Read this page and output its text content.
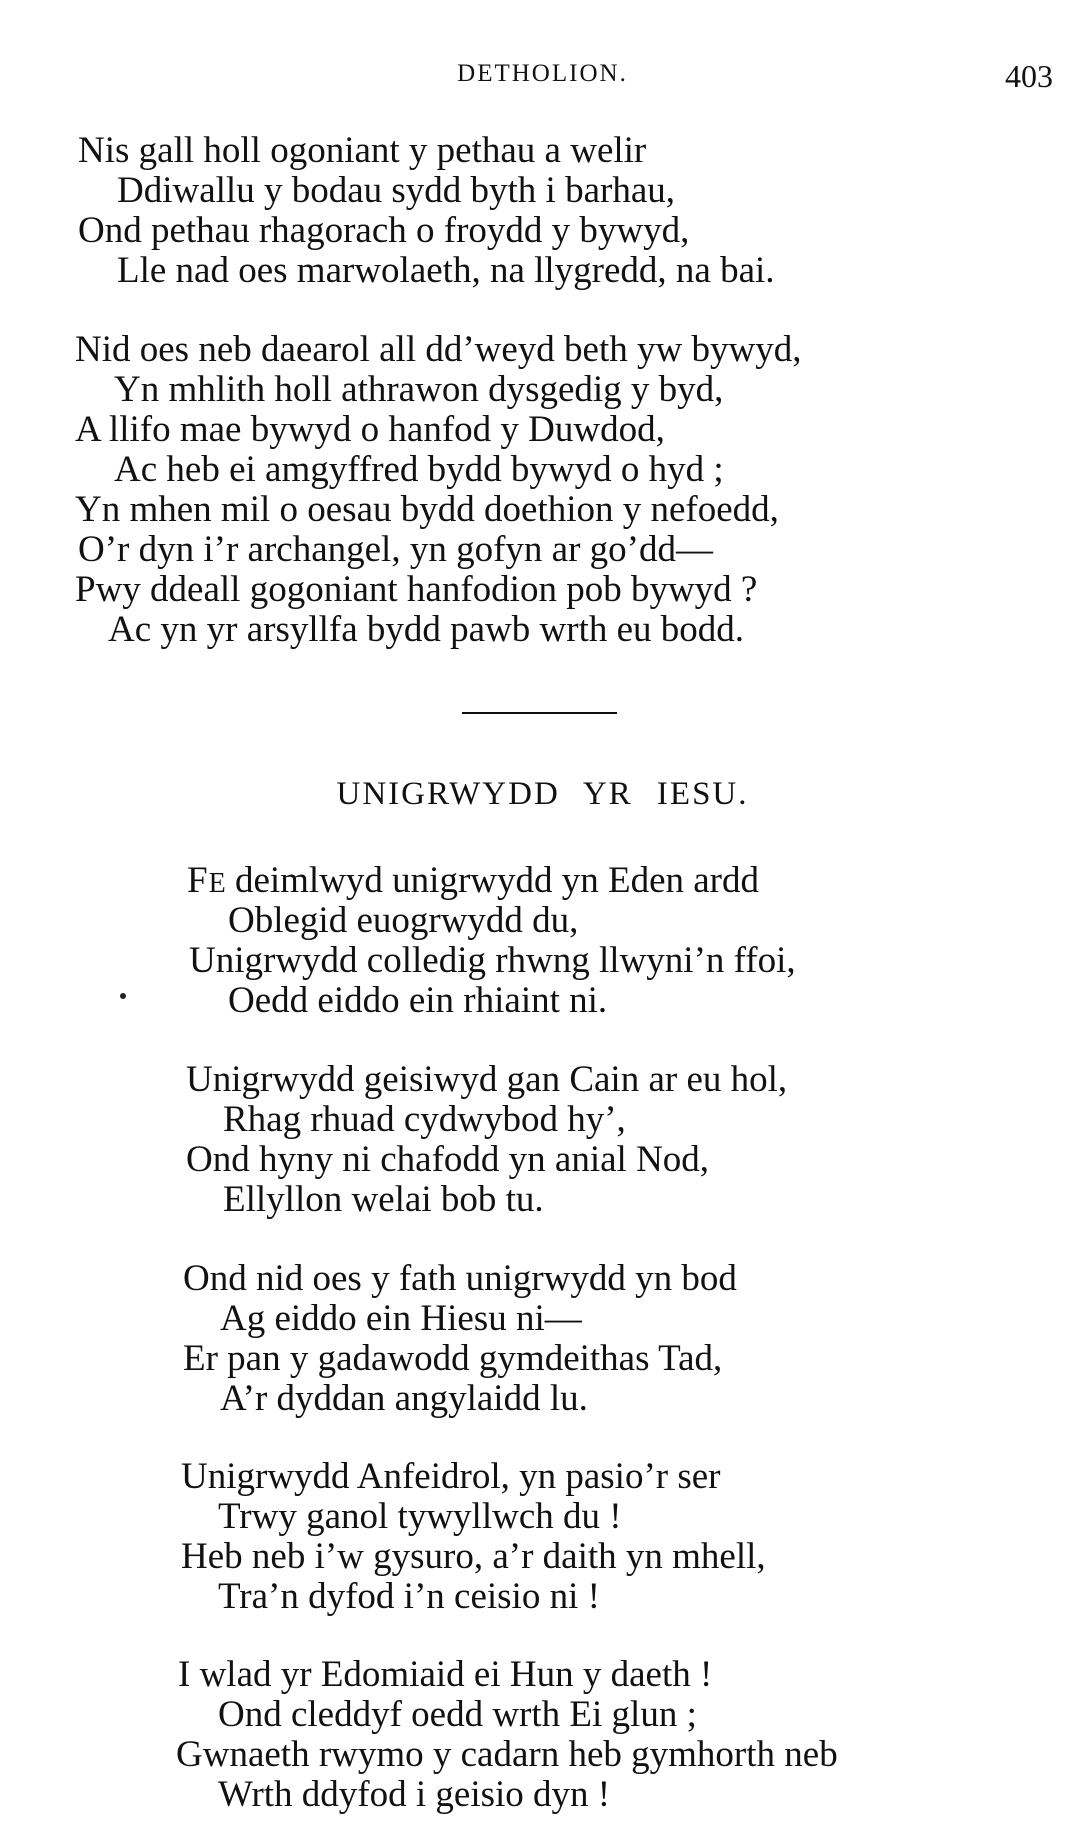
DETHOLION.	403
Nis gall holl ogoniant y pethau a welir
Ddiwallu y bodau sydd byth i barhau,
Ond pethau rhagorach o froydd y bywyd,
Lle nad oes marwolaeth, na llygredd, na bai.
Nid oes neb daearol all dd’weyd beth yw bywyd,
Yn mhlith holl athrawon dysgedig y byd,
A llifo mae bywyd o hanfod y Duwdod,
Ac heb ei amgyffred bydd bywyd o hyd ;
Yn mhen mil o oesau bydd doethion y nefoedd,
O’r dyn i’r archangel, yn gofyn ar go’dd—
Pwy ddeall gogoniant hanfodion pob bywyd ?
Ac yn yr arsyllfa bydd pawb wrth eu bodd.
UNIGRWYDD YR IESU.
FE deimlwyd unigrwydd yn Eden ardd
Oblegid euogrwydd du,
Unigrwydd colledig rhwng llwyni’n ffoi,
Oedd eiddo ein rhiaint ni.
Unigrwydd geisiwyd gan Cain ar eu hol,
Rhag rhuad cydwybod hy’,
Ond hyny ni chafodd yn anial Nod,
Ellyllon welai bob tu.
Ond nid oes y fath unigrwydd yn bod
Ag eiddo ein Hiesu ni—
Er pan y gadawodd gymdeithas Tad,
A’r dyddan angylaidd lu.
Unigrwydd Anfeidrol, yn pasio’r ser
Trwy ganol tywyllwch du !
Heb neb i’w gysuro, a’r daith yn mhell,
Tra’n dyfod i’n ceisio ni !
I wlad yr Edomiaid ei Hun y daeth !
Ond cleddyf oedd wrth Ei glun ;
Gwnaeth rwymo y cadarn heb gymhorth neb
Wrth ddyfod i geisio dyn !
